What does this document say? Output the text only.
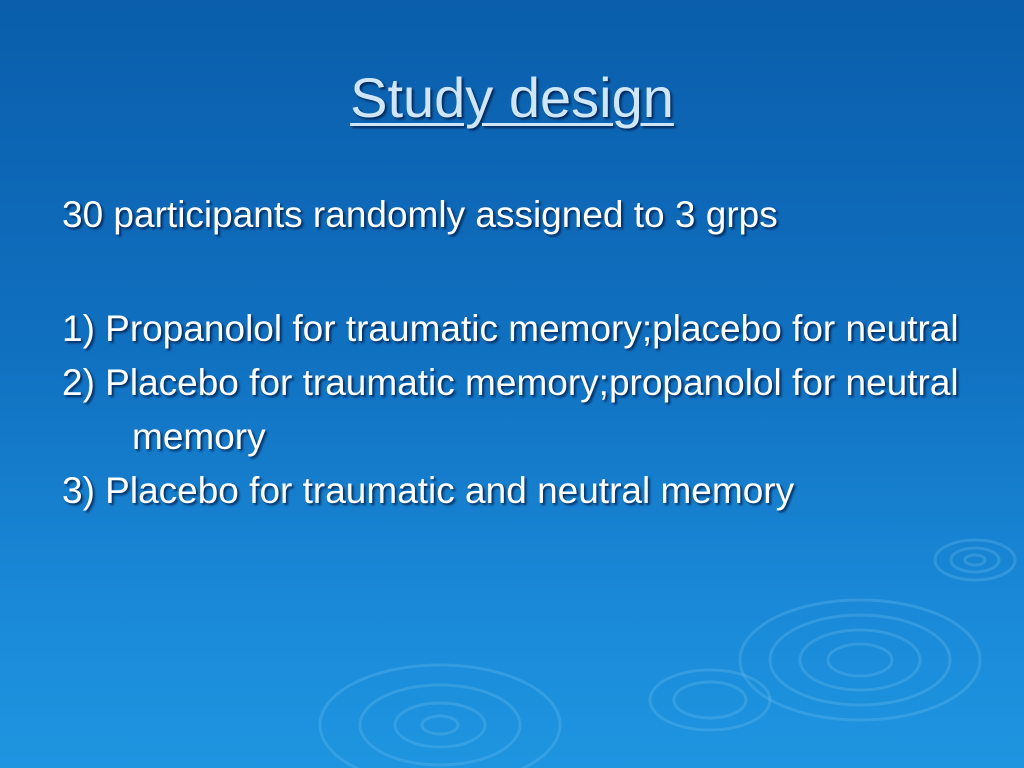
Study design

30 participants randomly assigned to 3 grps

1) Propanolol for traumatic memory;placebo for neutral

2) Placebo for traumatic memory;propanolol for neutral memory

3) Placebo for traumatic and neutral memory
